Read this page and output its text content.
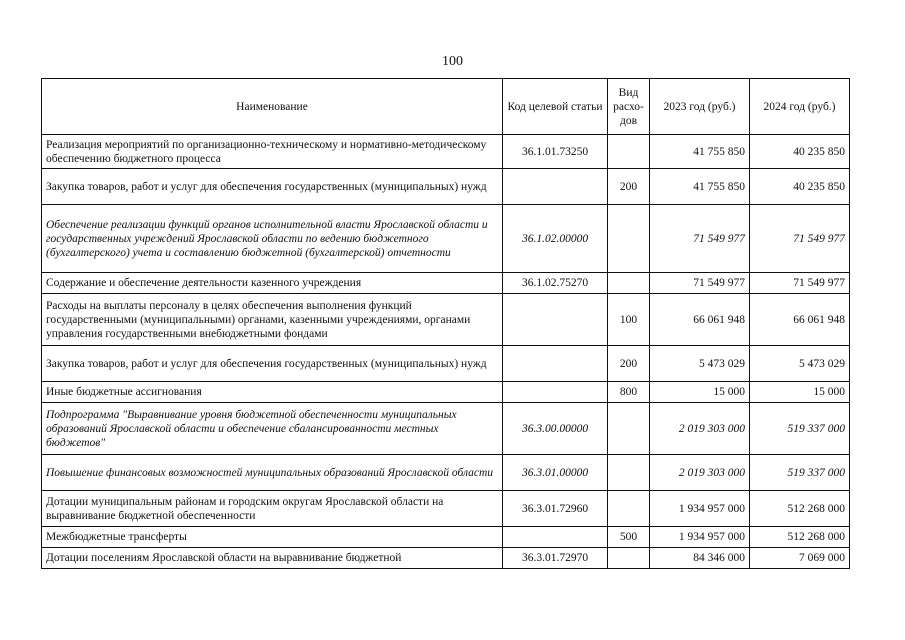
100
Наименование	Код целевой статьи	Вид расхо-дов	2023 год (руб.)	2024 год (руб.)
Реализация мероприятий по организационно-техническому и нормативно-методическому обеспечению бюджетного процесса	36.1.01.73250		41 755 850	40 235 850
Закупка товаров, работ и услуг для обеспечения государственных (муниципальных) нужд		200	41 755 850	40 235 850
Обеспечение реализации функций органов исполнительной власти Ярославской области и государственных учреждений Ярославской области по ведению бюджетного (бухгалтерского) учета и составлению бюджетной (бухгалтерской) отчетности	36.1.02.00000		71 549 977	71 549 977
Содержание и обеспечение деятельности казенного учреждения	36.1.02.75270		71 549 977	71 549 977
Расходы на выплаты персоналу в целях обеспечения выполнения функций государственными (муниципальными) органами, казенными учреждениями, органами управления государственными внебюджетными фондами		100	66 061 948	66 061 948
Закупка товаров, работ и услуг для обеспечения государственных (муниципальных) нужд		200	5 473 029	5 473 029
Иные бюджетные ассигнования		800	15 000	15 000
Подпрограмма "Выравнивание уровня бюджетной обеспеченности муниципальных образований Ярославской области и обеспечение сбалансированности местных бюджетов"	36.3.00.00000		2 019 303 000	519 337 000
Повышение финансовых возможностей муниципальных образований Ярославской области	36.3.01.00000		2 019 303 000	519 337 000
Дотации муниципальным районам и городским округам Ярославской области на выравнивание бюджетной обеспеченности	36.3.01.72960		1 934 957 000	512 268 000
Межбюджетные трансферты		500	1 934 957 000	512 268 000
Дотации поселениям Ярославской области на выравнивание бюджетной	36.3.01.72970		84 346 000	7 069 000
